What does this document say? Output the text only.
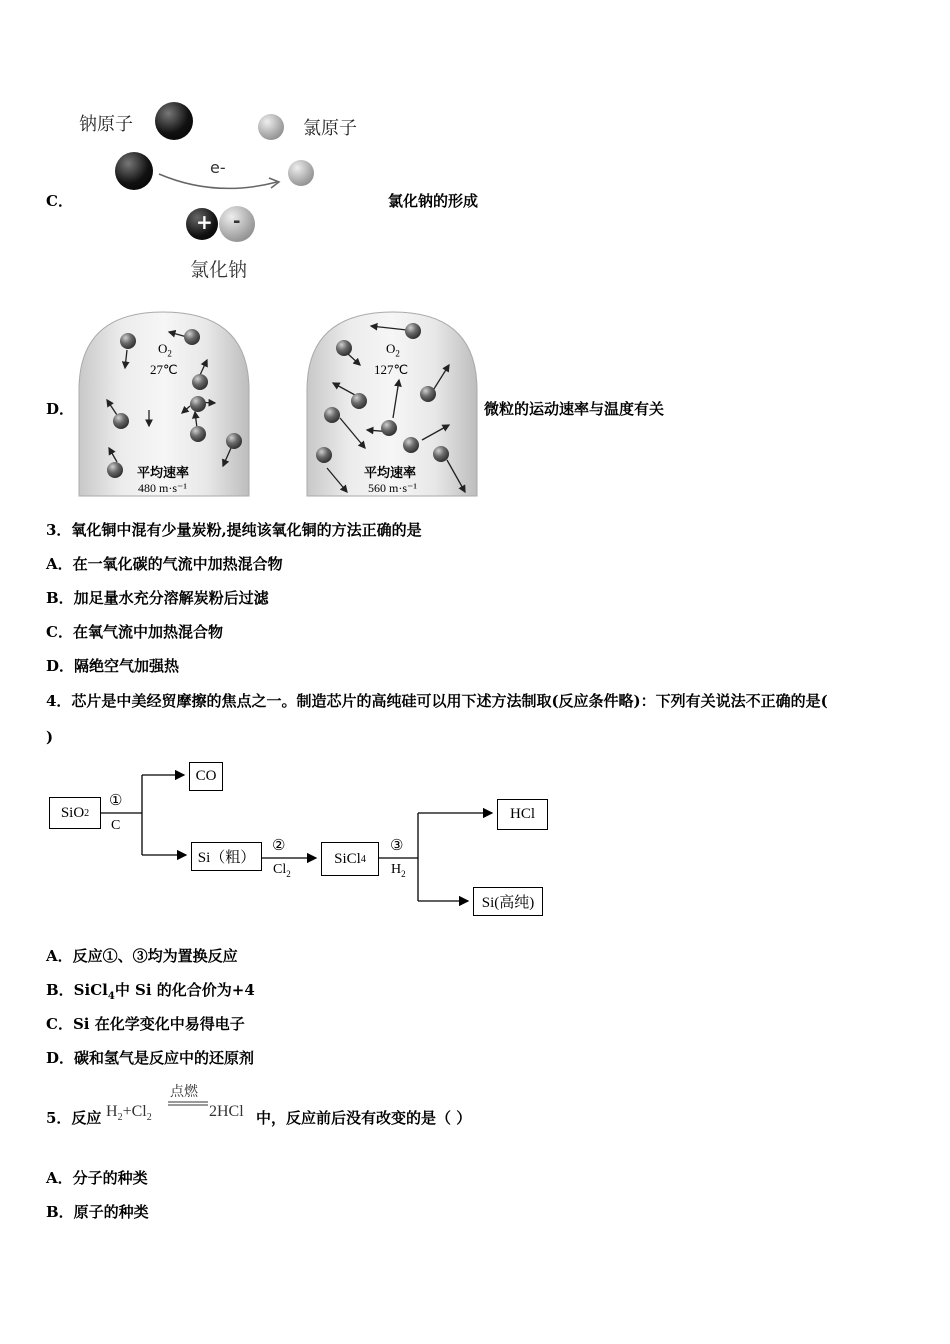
C．
钠原子	氯原子
e-
+ -
氯化钠
氯化钠的形成
D．
$O_2$
27℃
平均速率
480 m·s⁻¹
$O_2$
127℃
平均速率
560 m·s⁻¹
微粒的运动速率与温度有关
3．氧化铜中混有少量炭粉,提纯该氧化铜的方法正确的是
A．在一氧化碳的气流中加热混合物
B．加足量水充分溶解炭粉后过滤
C．在氧气流中加热混合物
D．隔绝空气加强热
4．芯片是中美经贸摩擦的焦点之一。制造芯片的高纯硅可以用下述方法制取(反应条件略)：下列有关说法不正确的是(
)
SiO 2
①
C
CO
Si（粗）
②
$Cl_2$
SiCl 4
③
$H_2$
HCl
Si(高纯)
A．反应①、③均为置换反应
B．SiCl$_4$中 Si 的化合价为+4
C．Si 在化学变化中易得电子
D．碳和氢气是反应中的还原剂
5．反应 $H_2+Cl_2$
点燃
2HCl 中，反应前后没有改变的是（ ）
A．分子的种类
B．原子的种类
